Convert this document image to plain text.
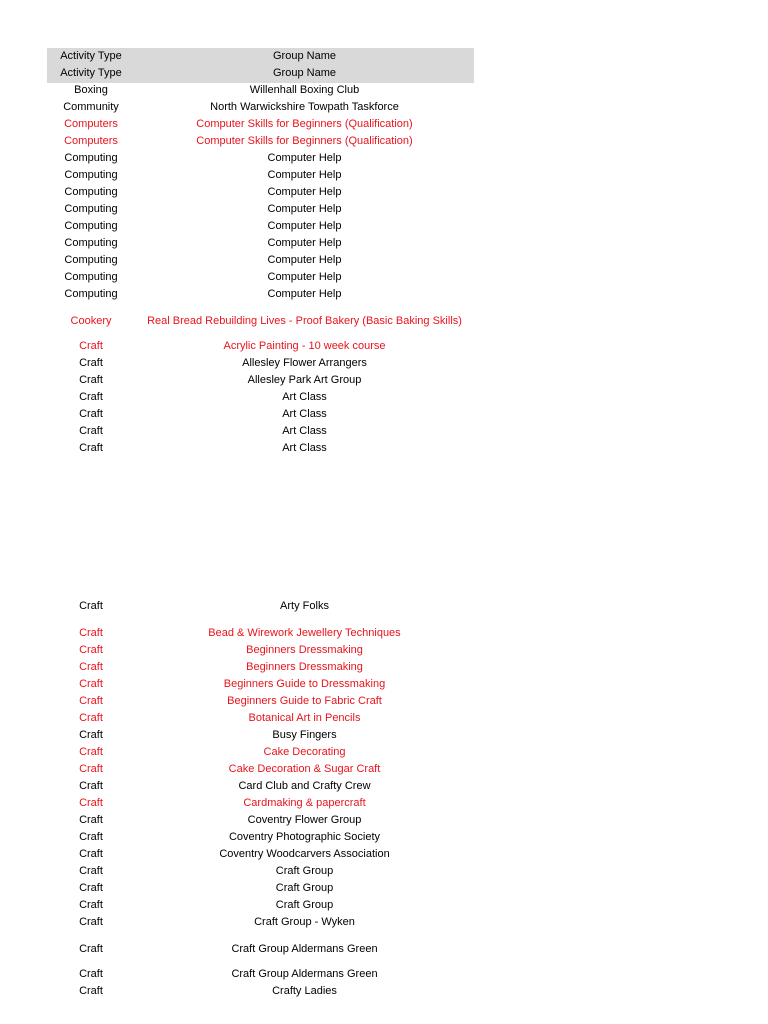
Activity Type	Group Name
Activity Type	Group Name
Boxing	Willenhall Boxing Club
Community	North Warwickshire Towpath Taskforce
Computers	Computer Skills for Beginners (Qualification)
Computers	Computer Skills for Beginners (Qualification)
Computing	Computer Help
Computing	Computer Help
Computing	Computer Help
Computing	Computer Help
Computing	Computer Help
Computing	Computer Help
Computing	Computer Help
Computing	Computer Help
Computing	Computer Help
Cookery	Real Bread Rebuilding Lives - Proof Bakery (Basic Baking Skills)
Craft	Acrylic Painting - 10 week course
Craft	Allesley Flower Arrangers
Craft	Allesley Park Art Group
Craft	Art Class
Craft	Art Class
Craft	Art Class
Craft	Art Class
Craft	Arty Folks
Craft	Bead & Wirework Jewellery Techniques
Craft	Beginners Dressmaking
Craft	Beginners Dressmaking
Craft	Beginners Guide to Dressmaking
Craft	Beginners Guide to Fabric Craft
Craft	Botanical Art in Pencils
Craft	Busy Fingers
Craft	Cake Decorating
Craft	Cake Decoration & Sugar Craft
Craft	Card Club and Crafty Crew
Craft	Cardmaking & papercraft
Craft	Coventry Flower Group
Craft	Coventry Photographic Society
Craft	Coventry Woodcarvers Association
Craft	Craft Group
Craft	Craft Group
Craft	Craft Group
Craft	Craft Group - Wyken
Craft	Craft Group Aldermans Green
Craft	Craft Group Aldermans Green
Craft	Crafty Ladies
